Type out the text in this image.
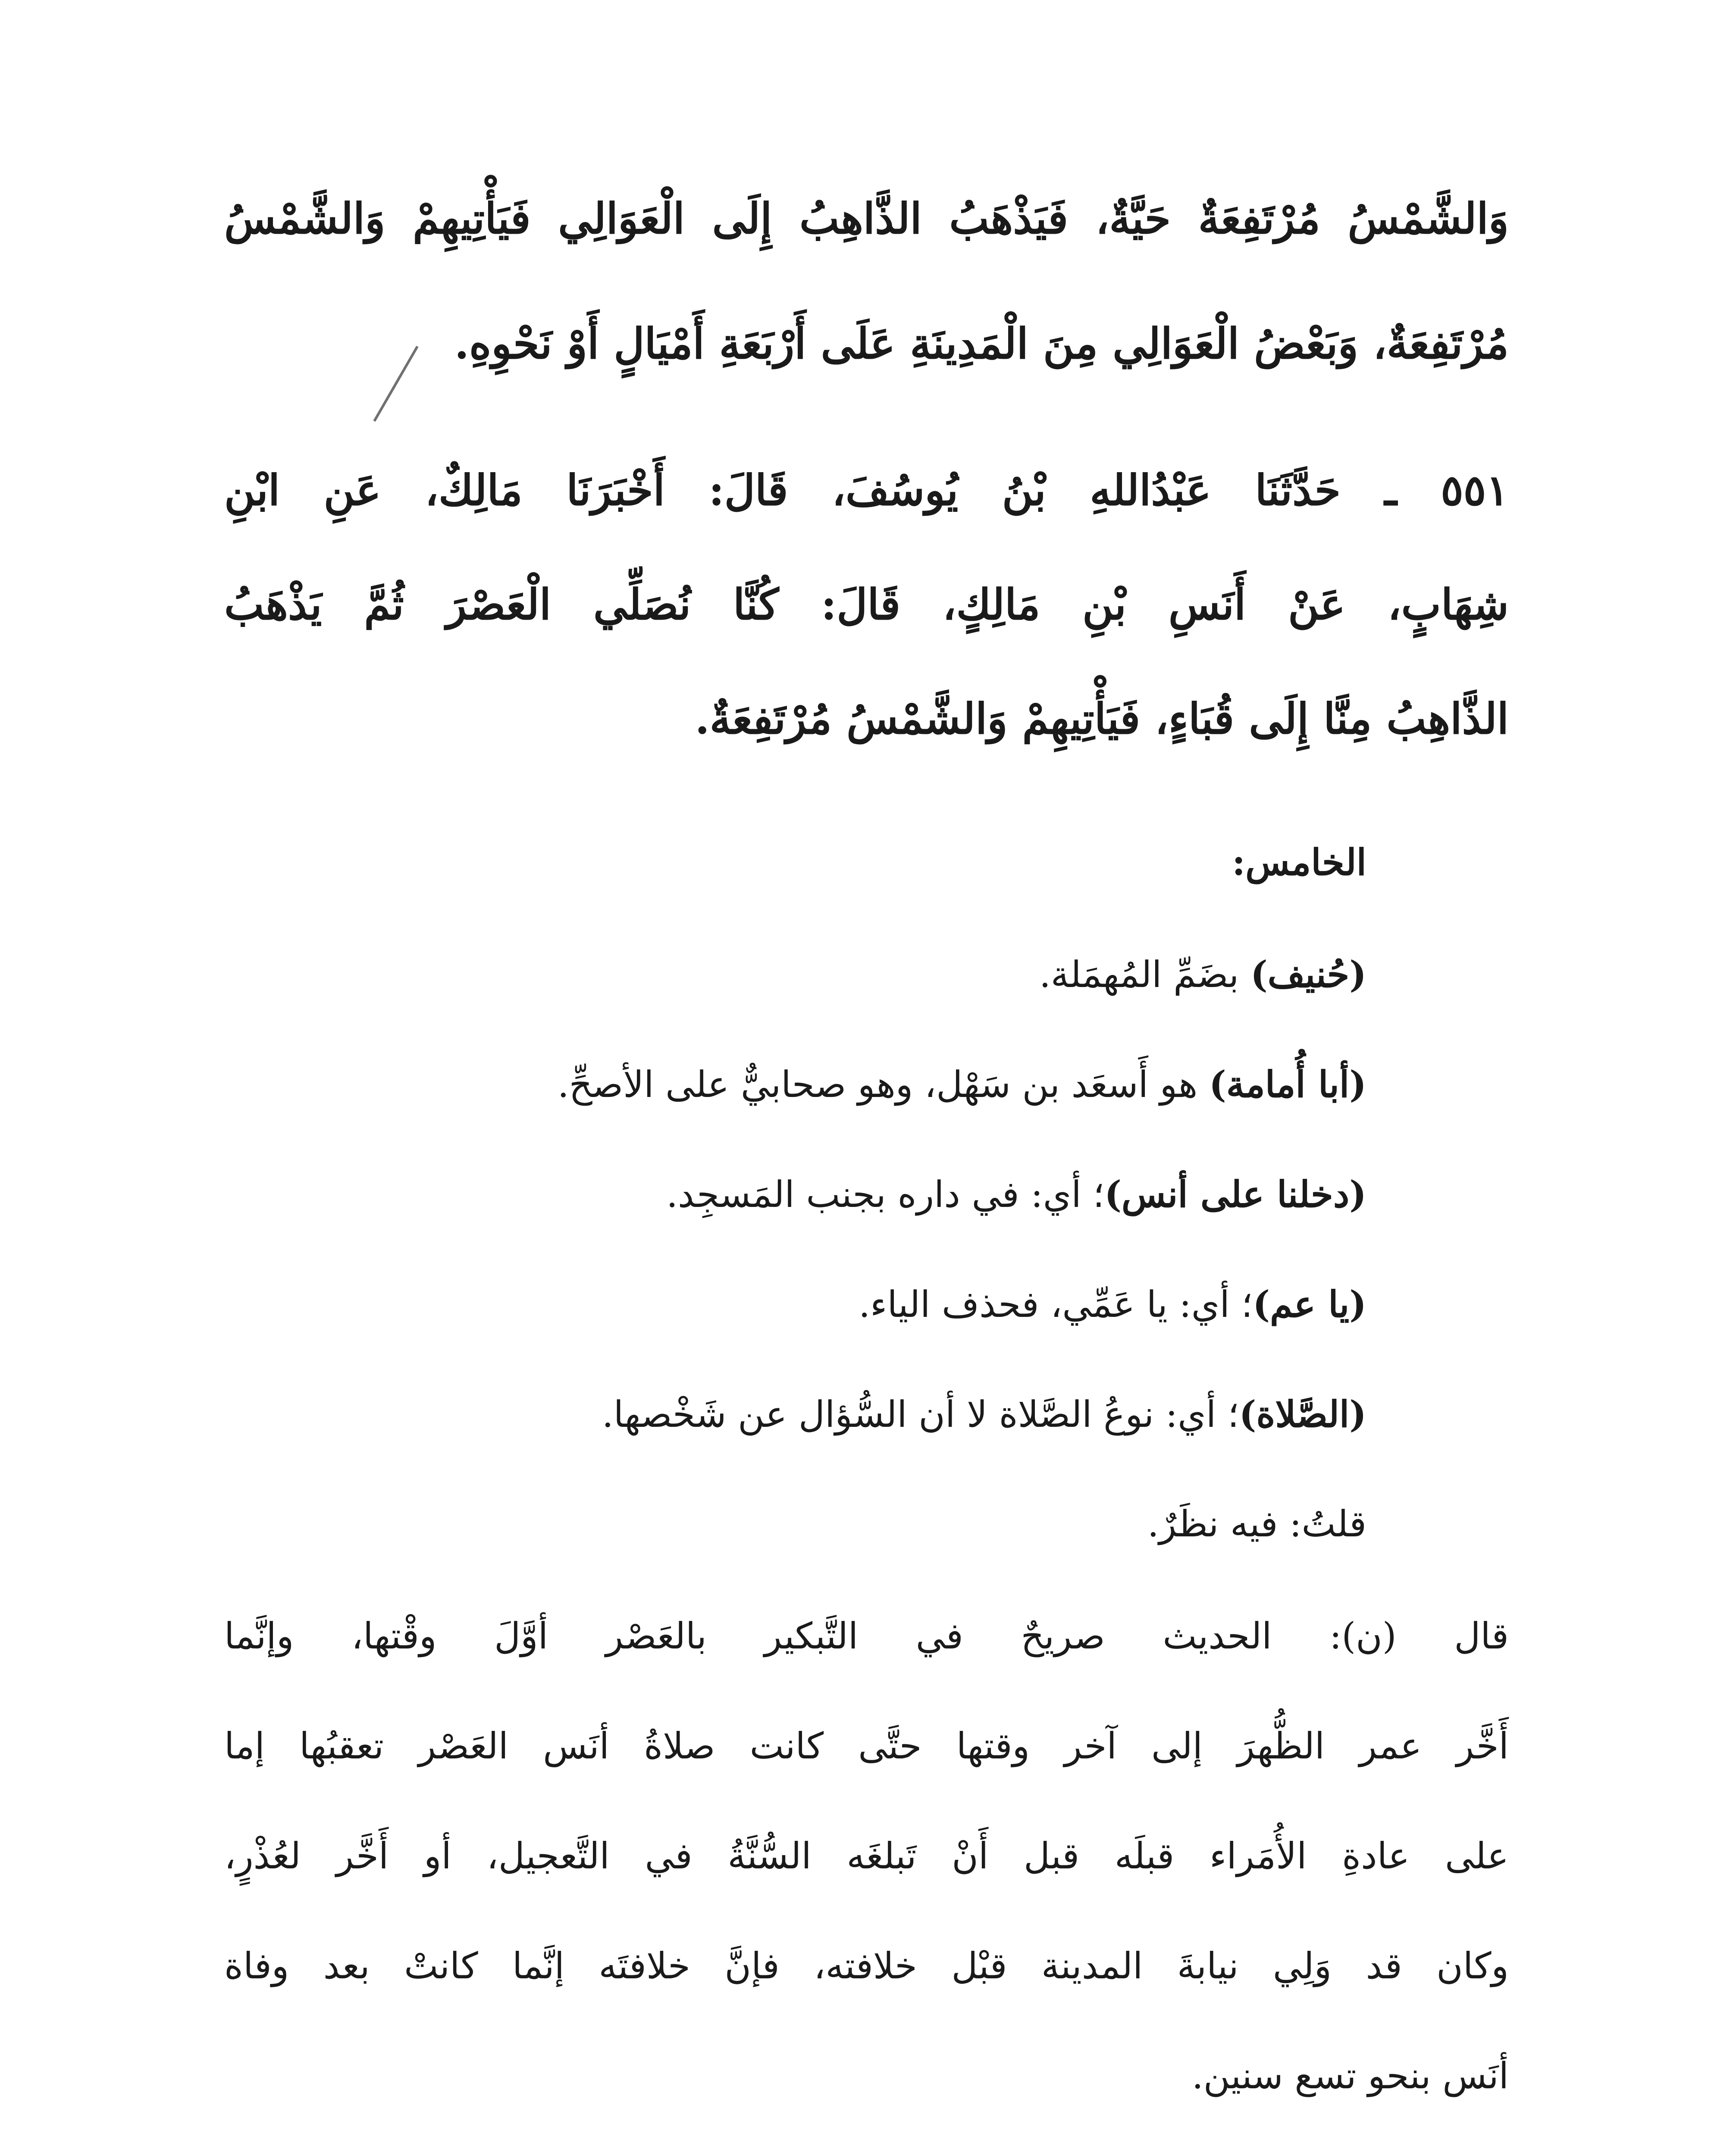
وَالشَّمْسُ مُرْتَفِعَةٌ حَيَّةٌ، فَيَذْهَبُ الذَّاهِبُ إِلَى الْعَوَالِي فَيَأْتِيهِمْ وَالشَّمْسُ
مُرْتَفِعَةٌ، وَبَعْضُ الْعَوَالِي مِنَ الْمَدِينَةِ عَلَى أَرْبَعَةِ أَمْيَالٍ أَوْ نَحْوِهِ.
٥٥١ ـ حَدَّثَنَا عَبْدُاللهِ بْنُ يُوسُفَ، قَالَ: أَخْبَرَنَا مَالِكٌ، عَنِ ابْنِ
شِهَابٍ، عَنْ أَنَسِ بْنِ مَالِكٍ، قَالَ: كُنَّا نُصَلِّي الْعَصْرَ ثُمَّ يَذْهَبُ
الذَّاهِبُ مِنَّا إِلَى قُبَاءٍ، فَيَأْتِيهِمْ وَالشَّمْسُ مُرْتَفِعَةٌ.
الخامس:
(حُنيف) بضَمِّ المُهمَلة.
(أبا أُمامة) هو أَسعَد بن سَهْل، وهو صحابيٌّ على الأصحِّ.
(دخلنا على أنس)؛ أي: في داره بجنب المَسجِد.
(يا عم)؛ أي: يا عَمِّي، فحذف الياء.
(الصَّلاة)؛ أي: نوعُ الصَّلاة لا أن السُّؤال عن شَخْصها.
قلتُ: فيه نظَرٌ.
قال (ن): الحديث صريحٌ في التَّبكير بالعَصْر أوَّلَ وقْتها، وإنَّما
أَخَّر عمر الظُّهرَ إلى آخر وقتها حتَّى كانت صلاةُ أنَس العَصْر تعقبُها إما
على عادةِ الأُمَراء قبلَه قبل أَنْ تَبلغَه السُّنَّةُ في التَّعجيل، أو أَخَّر لعُذْرٍ،
وكان قد وَلِي نيابةَ المدينة قبْل خلافته، فإنَّ خلافتَه إنَّما كانتْ بعد وفاة
أنَس بنحو تسع سنين.
